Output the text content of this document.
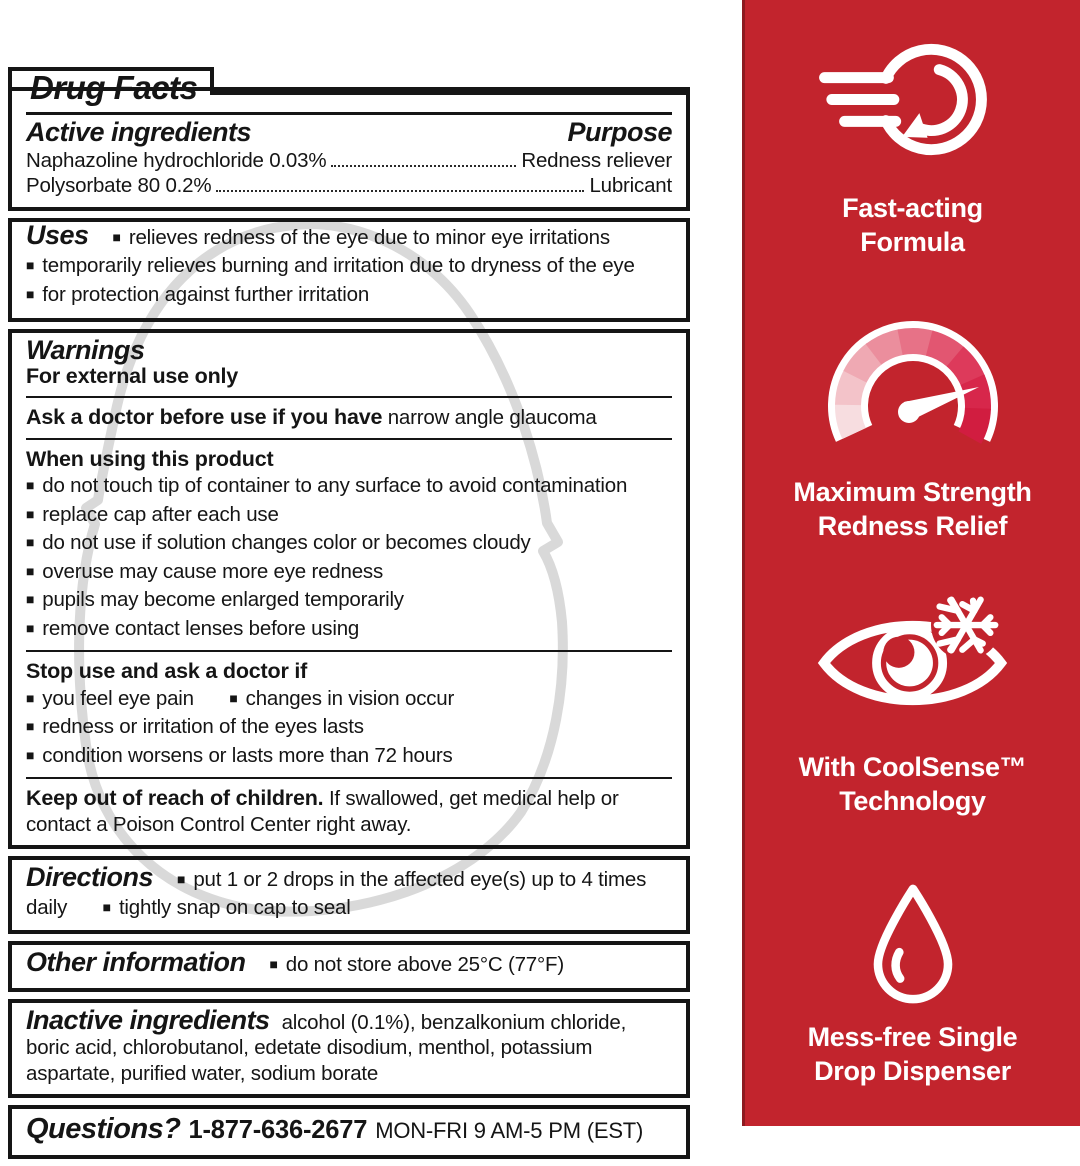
Drug Facts
Active ingredients	Purpose
Naphazoline hydrochloride 0.03%	Redness reliever
Polysorbate 80 0.2%	Lubricant
Uses ■ relieves redness of the eye due to minor eye irritations
■ temporarily relieves burning and irritation due to dryness of the eye
■ for protection against further irritation
Warnings
For external use only
Ask a doctor before use if you have narrow angle glaucoma
When using this product
■ do not touch tip of container to any surface to avoid contamination
■ replace cap after each use
■ do not use if solution changes color or becomes cloudy
■ overuse may cause more eye redness
■ pupils may become enlarged temporarily
■ remove contact lenses before using
Stop use and ask a doctor if
■ you feel eye pain ■	changes in vision occur
■ redness or irritation of the eyes lasts
■ condition worsens or lasts more than 72 hours
Keep out of reach of children. If swallowed, get medical help or contact a Poison Control Center right away.
Directions ■ put 1 or 2 drops in the affected eye(s) up to 4 times daily ■	tightly snap on cap to seal
Other information ■ do not store above 25°C (77°F)
Inactive ingredients alcohol (0.1%), benzalkonium chloride, boric acid, chlorobutanol, edetate disodium, menthol, potassium aspartate, purified water, sodium borate
Questions? 1-877-636-2677 MON-FRI 9 AM-5 PM (EST)
Fast-acting
Formula
Maximum Strength
Redness Relief
With CoolSense™
Technology
Mess-free Single
Drop Dispenser
